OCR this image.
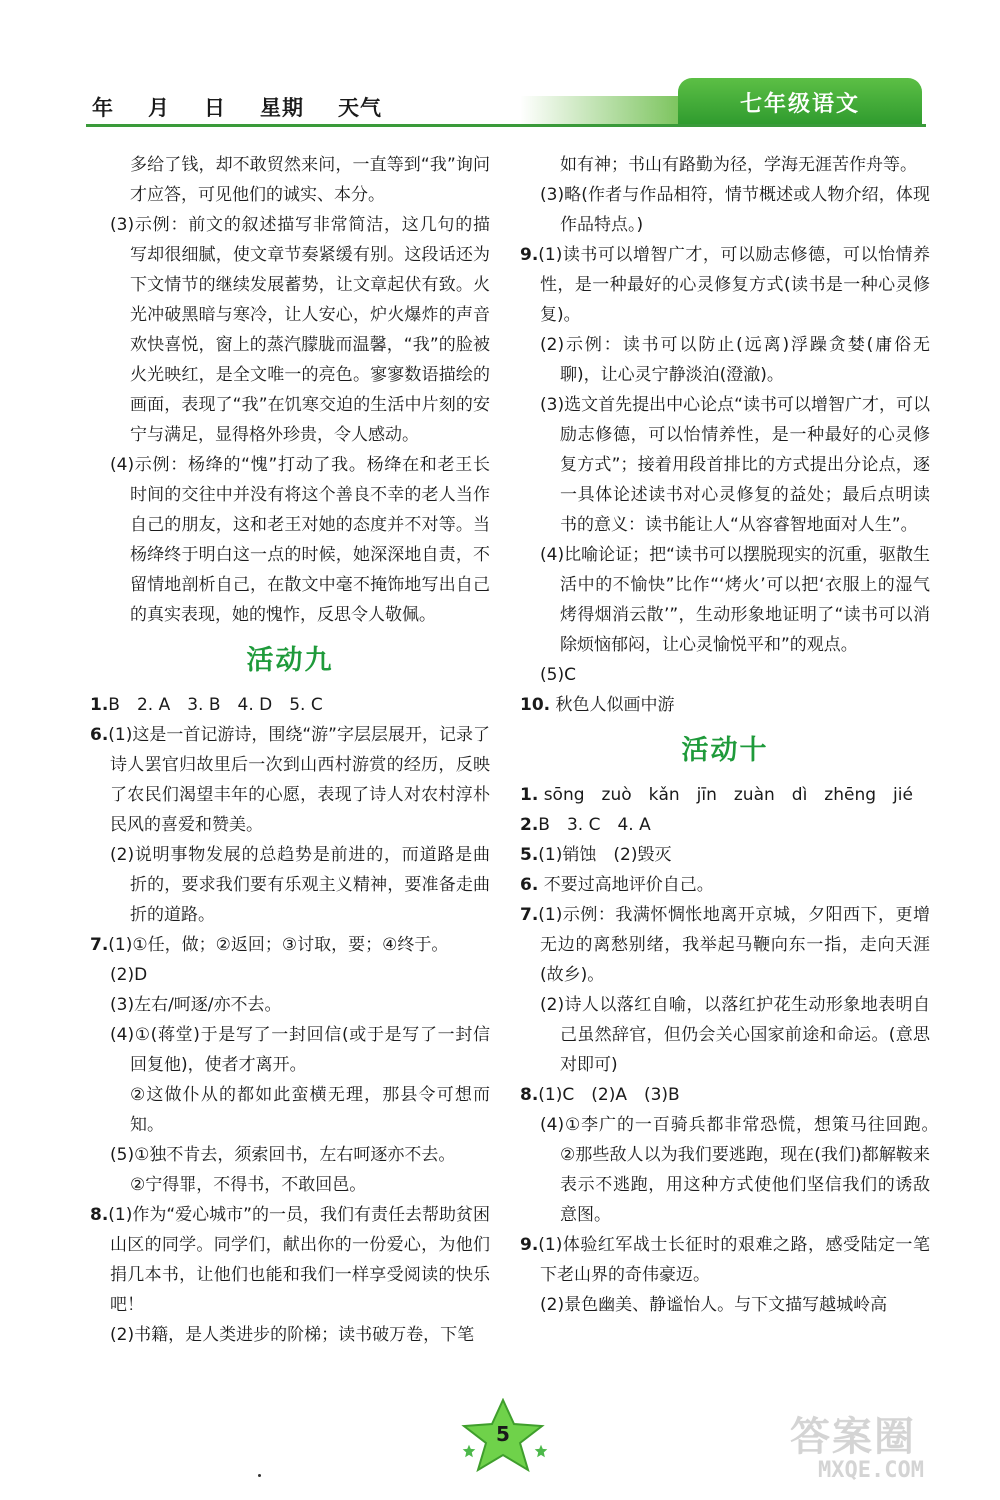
年 月 日 星期 天气	七年级语文

多给了钱，却不敢贸然来问，一直等到“我”询问才应答，可见他们的诚实、本分。

(3)示例：前文的叙述描写非常简洁，这几句的描写却很细腻，使文章节奏紧缓有别。这段话还为下文情节的继续发展蓄势，让文章起伏有致。火光冲破黑暗与寒冷，让人安心，炉火爆炸的声音欢快喜悦，窗上的蒸汽朦胧而温馨，“我”的脸被火光映红，是全文唯一的亮色。寥寥数语描绘的画面，表现了“我”在饥寒交迫的生活中片刻的安宁与满足，显得格外珍贵，令人感动。

(4)示例：杨绛的“愧”打动了我。杨绛在和老王长时间的交往中并没有将这个善良不幸的老人当作自己的朋友，这和老王对她的态度并不对等。当杨绛终于明白这一点的时候，她深深地自责，不留情地剖析自己，在散文中毫不掩饰地写出自己的真实表现，她的愧怍，反思令人敬佩。

活动九

1.B　2. A　3. B　4. D　5. C

6.(1)这是一首记游诗，围绕“游”字层层展开，记录了诗人罢官归故里后一次到山西村游赏的经历，反映了农民们渴望丰年的心愿，表现了诗人对农村淳朴民风的喜爱和赞美。

(2)说明事物发展的总趋势是前进的，而道路是曲折的，要求我们要有乐观主义精神，要准备走曲折的道路。

7.(1)①任，做；②返回；③讨取，要；④终于。

(2)D

(3)左右/呵逐/亦不去。

(4)①(蒋堂)于是写了一封回信(或于是写了一封信回复他)，使者才离开。

②这做仆从的都如此蛮横无理，那县令可想而知。

(5)①独不肯去，须索回书，左右呵逐亦不去。

②宁得罪，不得书，不敢回邑。

8.(1)作为“爱心城市”的一员，我们有责任去帮助贫困山区的同学。同学们，献出你的一份爱心，为他们捐几本书，让他们也能和我们一样享受阅读的快乐吧！

(2)书籍，是人类进步的阶梯；读书破万卷，下笔

如有神；书山有路勤为径，学海无涯苦作舟等。

(3)略(作者与作品相符，情节概述或人物介绍，体现作品特点。)

9.(1)读书可以增智广才，可以励志修德，可以怡情养性，是一种最好的心灵修复方式(读书是一种心灵修复)。

(2)示例：读书可以防止(远离)浮躁贪婪(庸俗无聊)，让心灵宁静淡泊(澄澈)。

(3)选文首先提出中心论点“读书可以增智广才，可以励志修德，可以怡情养性，是一种最好的心灵修复方式”；接着用段首排比的方式提出分论点，逐一具体论述读书对心灵修复的益处；最后点明读书的意义：读书能让人“从容睿智地面对人生”。

(4)比喻论证；把“读书可以摆脱现实的沉重，驱散生活中的不愉快”比作“‘烤火’可以把‘衣服上的湿气烤得烟消云散’”，生动形象地证明了“读书可以消除烦恼郁闷，让心灵愉悦平和”的观点。

(5)C

10. 秋色人似画中游

活动十

1. sōng　zuò　kǎn　jīn　zuàn　dì　zhēng　jié

2.B　3. C　4. A

5.(1)销蚀　(2)毁灭

6. 不要过高地评价自己。

7.(1)示例：我满怀惆怅地离开京城，夕阳西下，更增无边的离愁别绪，我举起马鞭向东一指，走向天涯(故乡)。

(2)诗人以落红自喻，以落红护花生动形象地表明自己虽然辞官，但仍会关心国家前途和命运。(意思对即可)

8.(1)C　(2)A　(3)B

(4)①李广的一百骑兵都非常恐慌，想策马往回跑。　②那些敌人以为我们要逃跑，现在(我们)都解鞍来表示不逃跑，用这种方式使他们坚信我们的诱敌意图。

9.(1)体验红军战士长征时的艰难之路，感受陆定一笔下老山界的奇伟豪迈。

(2)景色幽美、静谧怡人。与下文描写越城岭高

5	答案圈
MXQE.COM
